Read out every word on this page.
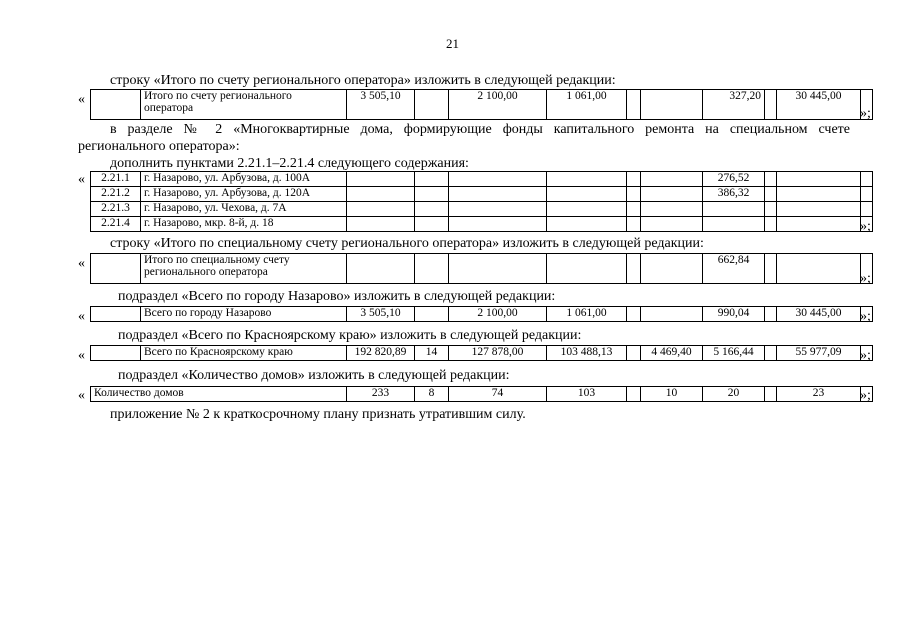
21
строку «Итого по счету регионального оператора» изложить в следующей редакции:
«
		Итого по счету регионального оператора	3 505,10		2 100,00	1 061,00			327,20		30 445,00	
»;
в разделе № 2 «Многоквартирные дома, формирующие фонды капитального ремонта на специальном счете
регионального оператора»:
дополнить пунктами 2.21.1–2.21.4 следующего содержания:
« 2.21.1	г. Назарово, ул. Арбузова, д. 100А							276,52			
2.21.2	г. Назарово, ул. Арбузова, д. 120А							386,32			
2.21.3	г. Назарово, ул. Чехова, д. 7А										
2.21.4	г. Назарово, мкр. 8-й, д. 18											»;
строку «Итого по специальному счету регионального оператора» изложить в следующей редакции:
«
		Итого по специальному счету регионального оператора							662,84			
»;
подраздел «Всего по городу Назарово» изложить в следующей редакции:
«
		Всего по городу Назарово	3 505,10		2 100,00	1 061,00			990,04		30 445,00	»;
подраздел «Всего по Красноярскому краю» изложить в следующей редакции:
«
		Всего по Красноярскому краю	192 820,89	14	127 878,00	103 488,13		4 469,40	5 166,44		55 977,09	»;
подраздел «Количество домов» изложить в следующей редакции:
« Количество домов	233	8	74	103		10	20		23		»;
приложение № 2 к краткосрочному плану признать утратившим силу.
